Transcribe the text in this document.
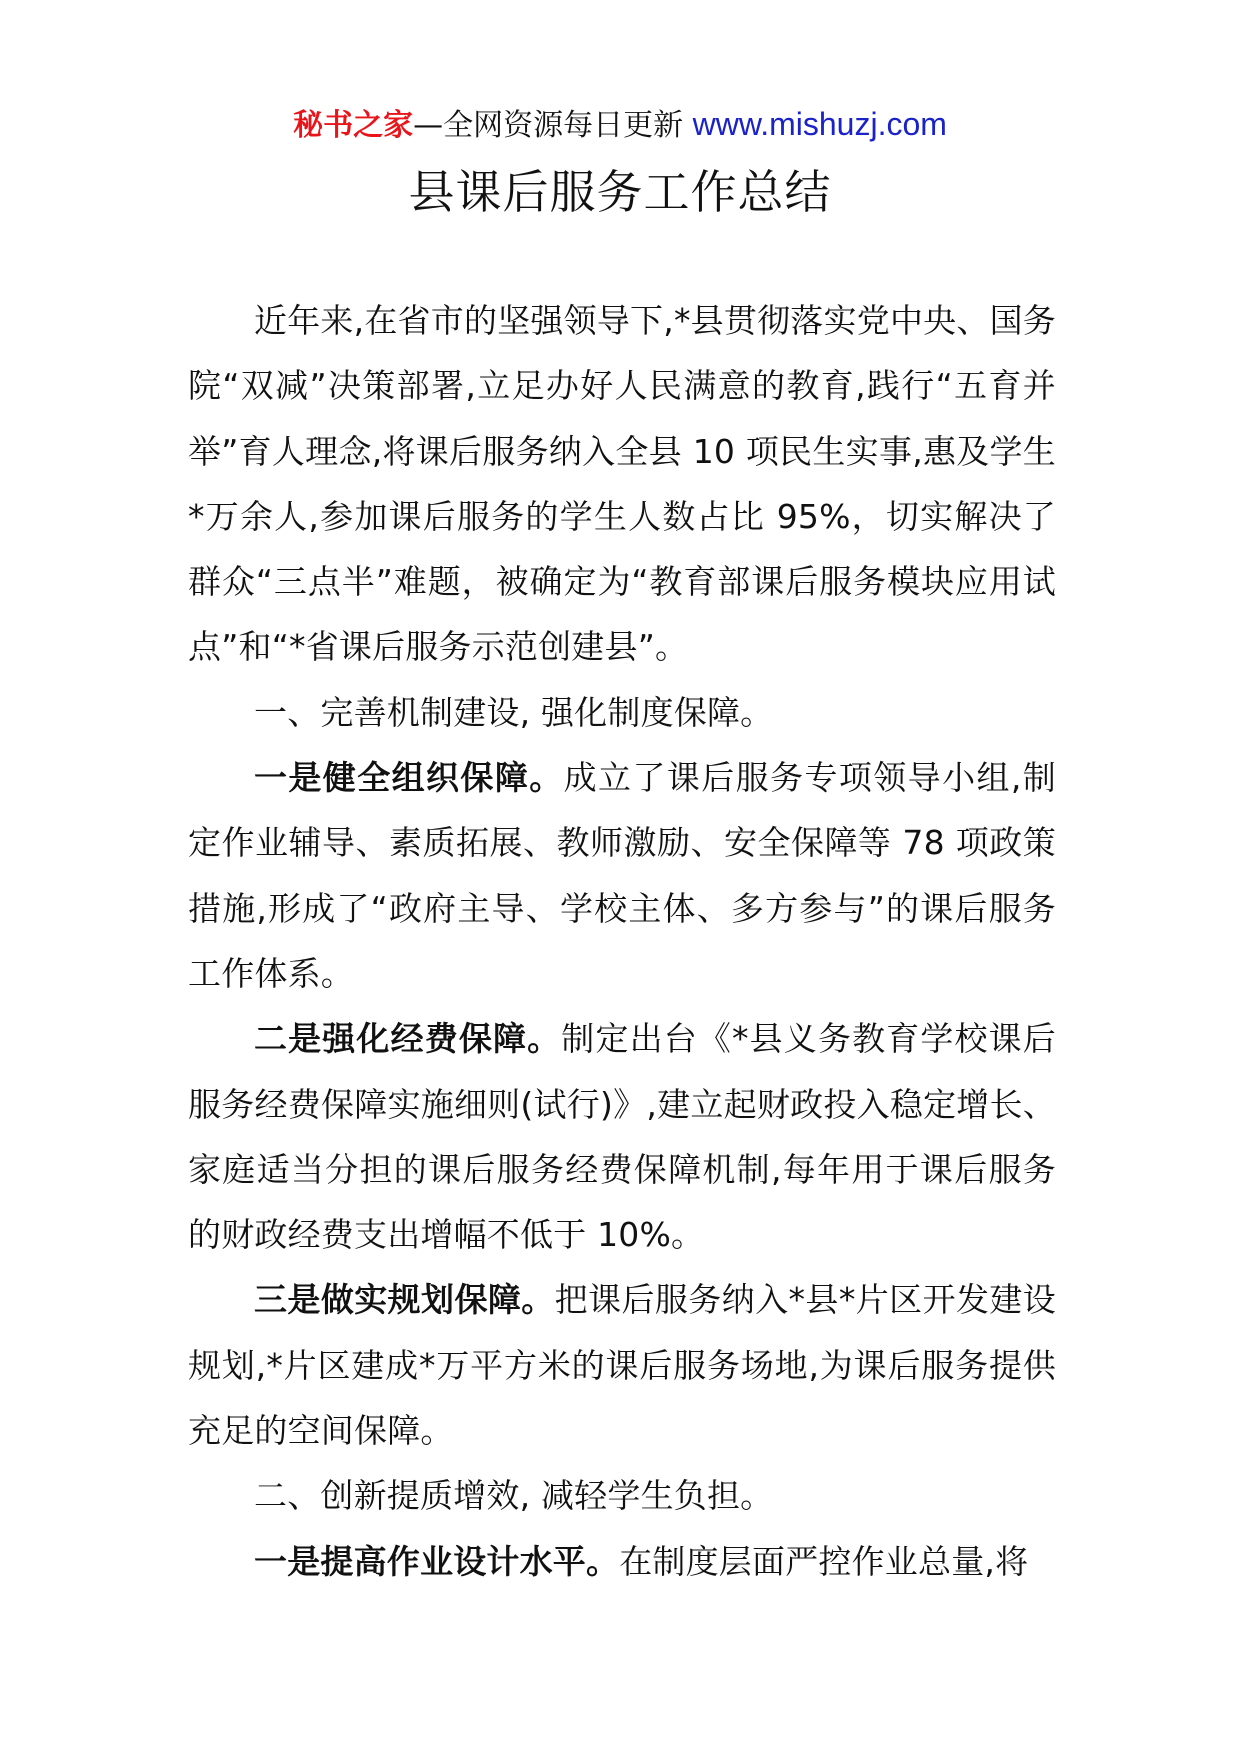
秘书之家—全网资源每日更新 www.mishuzj.com
县课后服务工作总结

近年来,在省市的坚强领导下,*县贯彻落实党中央、国务院“双减”决策部署,立足办好人民满意的教育,践行“五育并举”育人理念,将课后服务纳入全县 10 项民生实事,惠及学生*万余人,参加课后服务的学生人数占比 95%，切实解决了群众“三点半”难题，被确定为“教育部课后服务模块应用试点”和“*省课后服务示范创建县”。

一、完善机制建设, 强化制度保障。

一是健全组织保障。成立了课后服务专项领导小组,制定作业辅导、素质拓展、教师激励、安全保障等 78 项政策措施,形成了“政府主导、学校主体、多方参与”的课后服务工作体系。

二是强化经费保障。制定出台《*县义务教育学校课后服务经费保障实施细则(试行)》,建立起财政投入稳定增长、家庭适当分担的课后服务经费保障机制,每年用于课后服务的财政经费支出增幅不低于 10%。

三是做实规划保障。把课后服务纳入*县*片区开发建设规划,*片区建成*万平方米的课后服务场地,为课后服务提供充足的空间保障。

二、创新提质增效, 减轻学生负担。

一是提高作业设计水平。在制度层面严控作业总量,将
